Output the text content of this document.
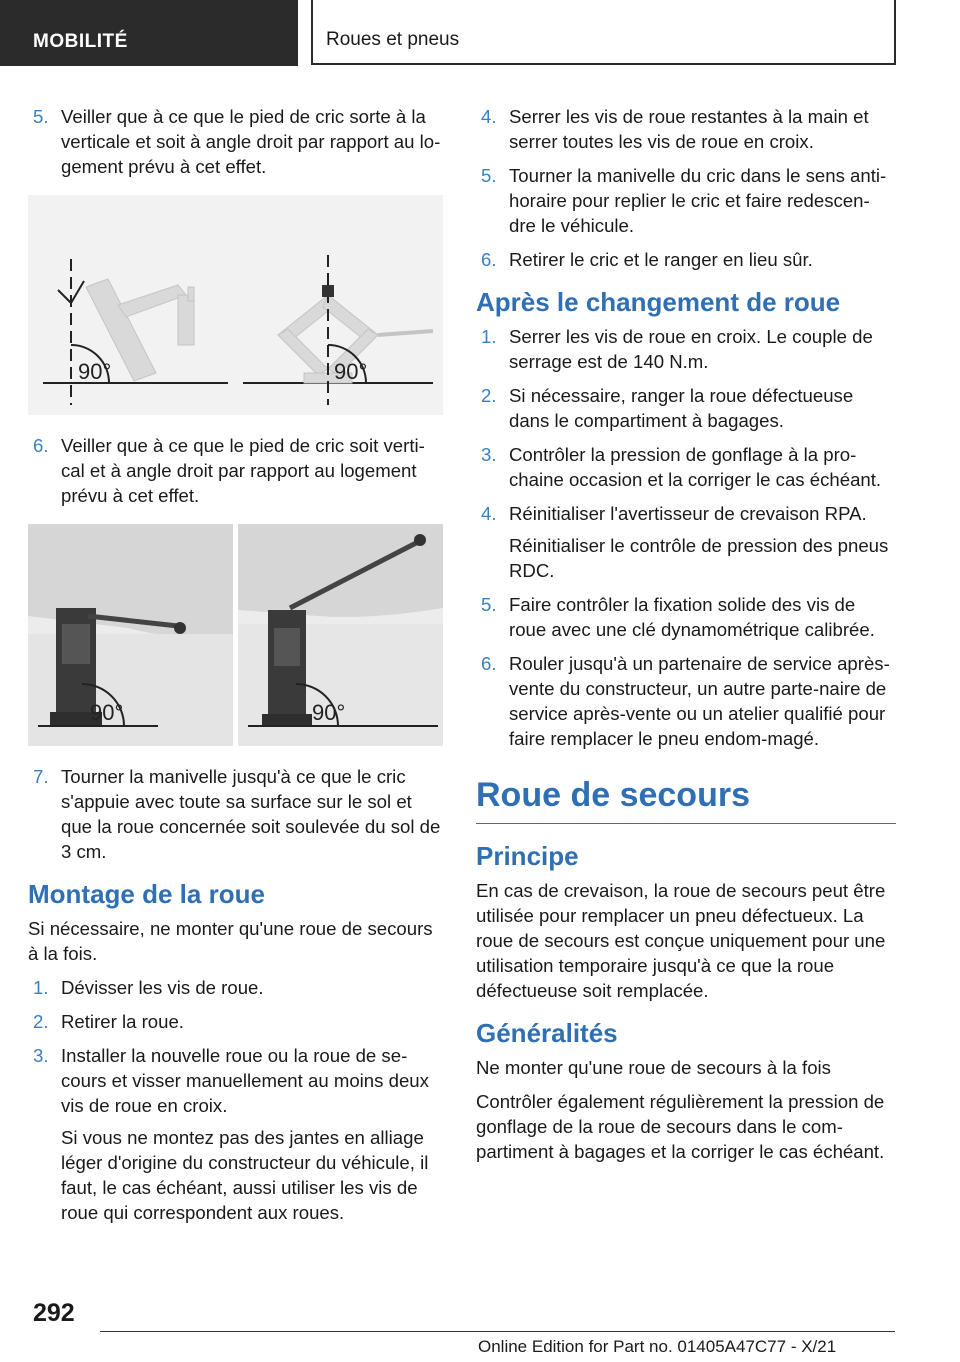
MOBILITÉ	Roues et pneus
5. Veiller que à ce que le pied de cric sorte à la verticale et soit à angle droit par rapport au lo-gement prévu à cet effet.
90°	90°
6. Veiller que à ce que le pied de cric soit verti-cal et à angle droit par rapport au logement prévu à cet effet.
90°	90°
7. Tourner la manivelle jusqu'à ce que le cric s'appuie avec toute sa surface sur le sol et que la roue concernée soit soulevée du sol de 3 cm.
Montage de la roue

Si nécessaire, ne monter qu'une roue de secours à la fois.

1. Dévisser les vis de roue.
2. Retirer la roue.
3. Installer la nouvelle roue ou la roue de se-cours et visser manuellement au moins deux vis de roue en croix.
Si vous ne montez pas des jantes en alliage léger d'origine du constructeur du véhicule, il faut, le cas échéant, aussi utiliser les vis de roue qui correspondent aux roues.
4. Serrer les vis de roue restantes à la main et serrer toutes les vis de roue en croix.
5. Tourner la manivelle du cric dans le sens anti-horaire pour replier le cric et faire redescen-dre le véhicule.
6. Retirer le cric et le ranger en lieu sûr.
Après le changement de roue
1. Serrer les vis de roue en croix. Le couple de serrage est de 140 N.m.
2. Si nécessaire, ranger la roue défectueuse dans le compartiment à bagages.
3. Contrôler la pression de gonflage à la pro-chaine occasion et la corriger le cas échéant.
4. Réinitialiser l'avertisseur de crevaison RPA.
Réinitialiser le contrôle de pression des pneus RDC.
5. Faire contrôler la fixation solide des vis de roue avec une clé dynamométrique calibrée.
6. Rouler jusqu'à un partenaire de service après-vente du constructeur, un autre parte-naire de service après-vente ou un atelier qualifié pour faire remplacer le pneu endom-magé.
Roue de secours
Principe

En cas de crevaison, la roue de secours peut être utilisée pour remplacer un pneu défectueux. La roue de secours est conçue uniquement pour une utilisation temporaire jusqu'à ce que la roue défectueuse soit remplacée.

Généralités

Ne monter qu'une roue de secours à la fois

Contrôler également régulièrement la pression de gonflage de la roue de secours dans le com-partiment à bagages et la corriger le cas échéant.

292
Online Edition for Part no. 01405A47C77 - X/21
